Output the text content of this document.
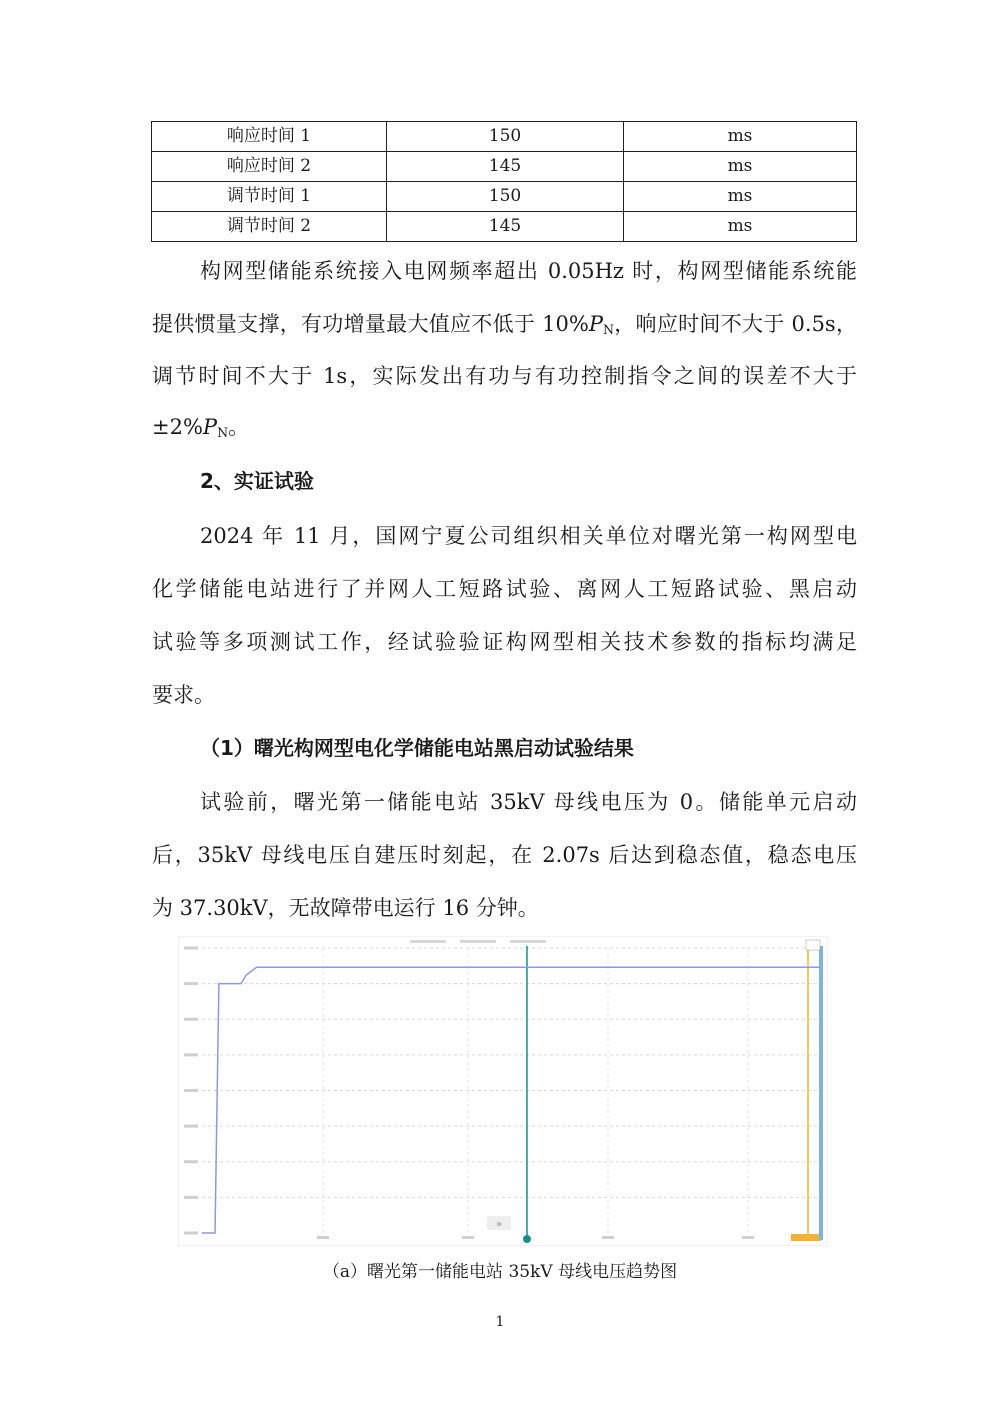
响应时间 1	150	ms
响应时间 2	145	ms
调节时间 1	150	ms
调节时间 2	145	ms
构网型储能系统接入电网频率超出 0.05Hz 时，构网型储能系统能
提供惯量支撑，有功增量最大值应不低于 $10\%P_N$，响应时间不大于 0.5s，
调节时间不大于 1s，实际发出有功与有功控制指令之间的误差不大于
$\pm 2\%P_N$。
2、实证试验
2024 年 11 月，国网宁夏公司组织相关单位对曙光第一构网型电
化学储能电站进行了并网人工短路试验、离网人工短路试验、黑启动
试验等多项测试工作，经试验验证构网型相关技术参数的指标均满足
要求。
（1）曙光构网型电化学储能电站黑启动试验结果
试验前，曙光第一储能电站 35kV 母线电压为 0。储能单元启动
后，35kV 母线电压自建压时刻起，在 2.07s 后达到稳态值，稳态电压
为 37.30kV，无故障带电运行 16 分钟。
»
（a）曙光第一储能电站 35kV 母线电压趋势图
1
